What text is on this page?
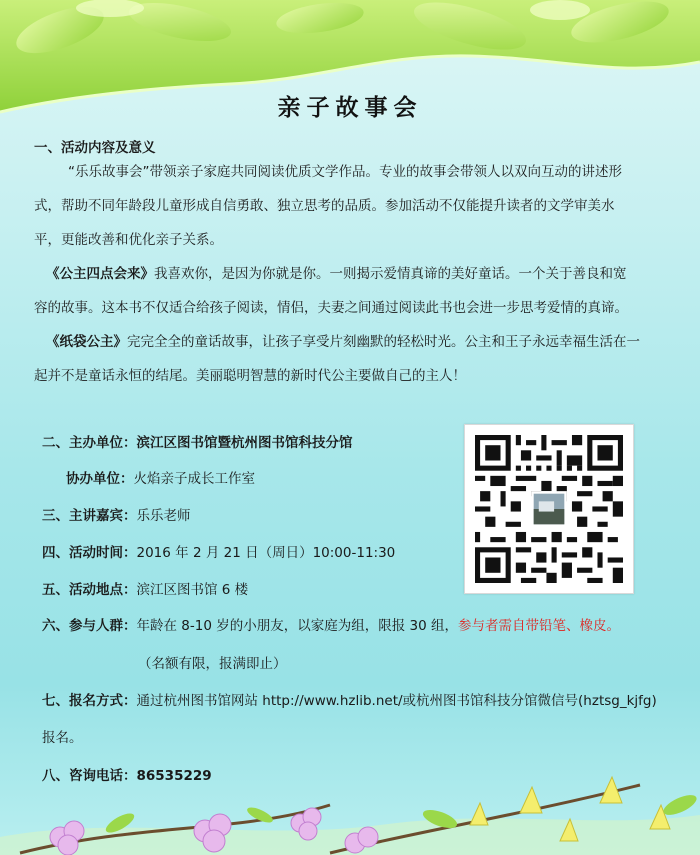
亲子故事会
一、活动内容及意义

“乐乐故事会”带领亲子家庭共同阅读优质文学作品。专业的故事会带领人以双向互动的讲述形

式，帮助不同年龄段儿童形成自信勇敢、独立思考的品质。参加活动不仅能提升读者的文学审美水

平，更能改善和优化亲子关系。

《公主四点会来》我喜欢你，是因为你就是你。一则揭示爱情真谛的美好童话。一个关于善良和宽

容的故事。这本书不仅适合给孩子阅读，情侣，夫妻之间通过阅读此书也会进一步思考爱情的真谛。

《纸袋公主》完完全全的童话故事，让孩子享受片刻幽默的轻松时光。公主和王子永远幸福生活在一

起并不是童话永恒的结尾。美丽聪明智慧的新时代公主要做自己的主人！

二、主办单位：滨江区图书馆暨杭州图书馆科技分馆
协办单位：火焰亲子成长工作室
三、主讲嘉宾：乐乐老师
四、活动时间：2016 年 2 月 21 日（周日）10:00-11:30
五、活动地点：滨江区图书馆 6 楼
六、参与人群：年龄在 8-10 岁的小朋友，以家庭为组，限报 30 组，参与者需自带铅笔、橡皮。
（名额有限，报满即止）
七、报名方式：通过杭州图书馆网站 http://www.hzlib.net/或杭州图书馆科技分馆微信号(hztsg_kjfg)
报名。
八、咨询电话：86535229
